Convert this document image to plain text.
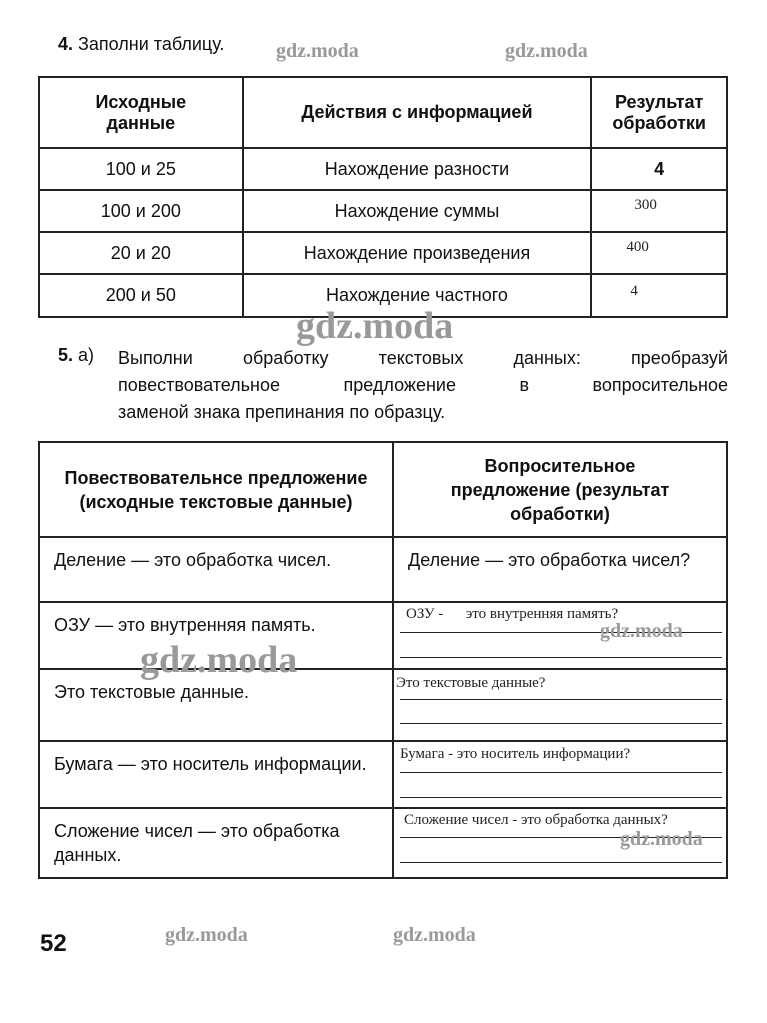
4. Заполни таблицу.
Исходные данные	Действия с информацией	Результат обработки
100 и 25	Нахождение разности	4
100 и 200	Нахождение суммы	300
20 и 20	Нахождение произведения	400
200 и 50	Нахождение частного	4
5. а) Выполни обработку текстовых данных: преобразуй
повествовательное предложение в вопросительное
заменой знака препинания по образцу.
Повествовательнсе предложение (исходные текстовые данные)	Вопросительное предложение (результат обработки)
Деление — это обработка чисел.	Деление — это обработка чисел?
ОЗУ — это внутренняя память.	ОЗУ -      это внутренняя память?

Это текстовые данные.	Это текстовые данные?

Бумага — это носитель информации.	Бумага - это носитель информации?

Сложение чисел — это обработка данных.	Сложение чисел - это обработка данных?
52
gdz.moda	gdz.moda
gdz.moda
gdz.moda
gdz.moda
gdz.moda
gdz.moda	gdz.moda
